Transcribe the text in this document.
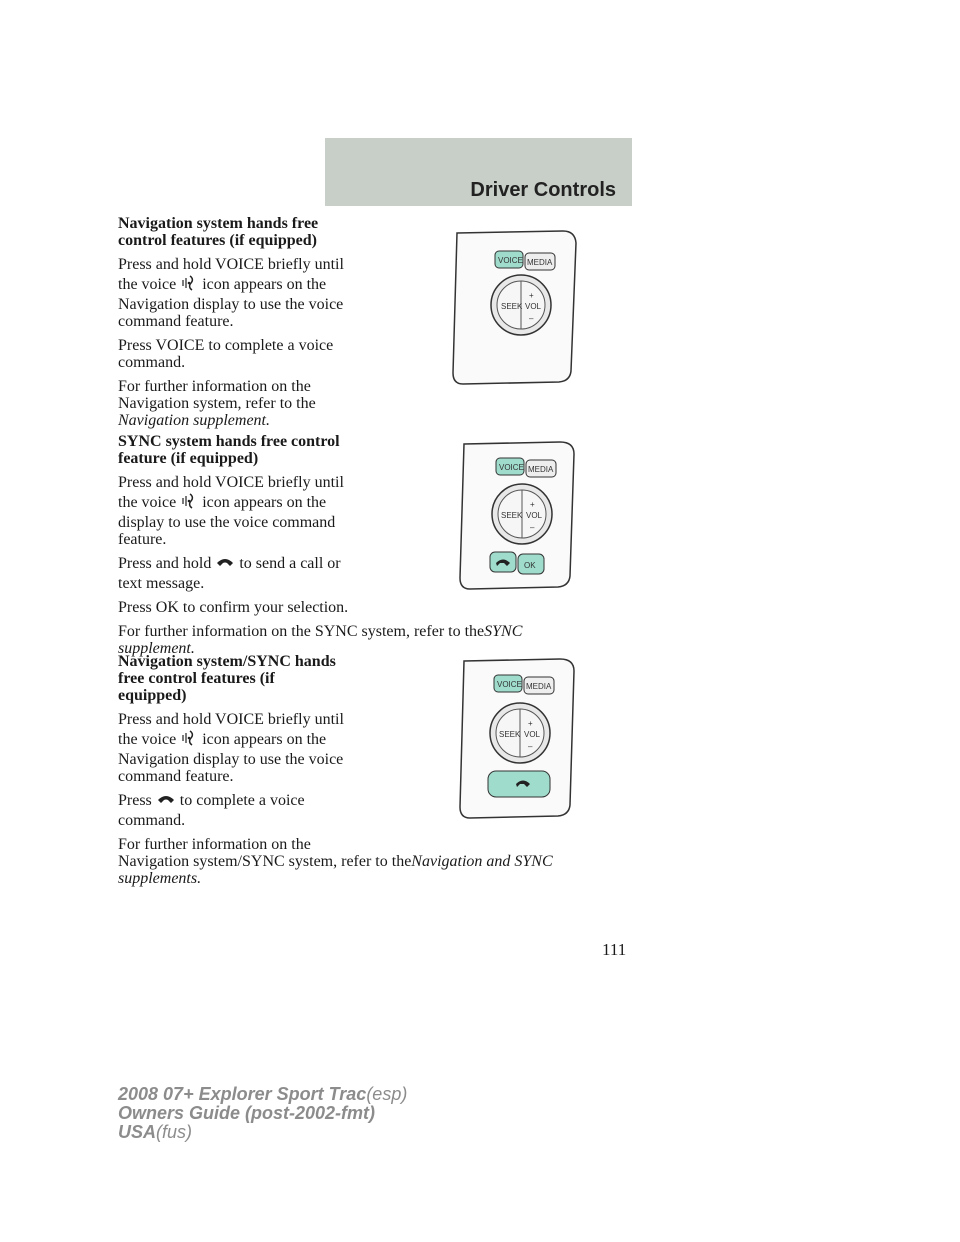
Driver Controls
Navigation system hands free
control features (if equipped)
Press and hold VOICE briefly until
the voice icon appears on the
Navigation display to use the voice
command feature.
Press VOICE to complete a voice
command.
For further information on the
Navigation system, refer to the
Navigation supplement.
VOICE MEDIA
SEEK VOL
+
–
SYNC system hands free control
feature (if equipped)
Press and hold VOICE briefly until
the voice icon appears on the
display to use the voice command
feature.
Press and hold to send a call or
text message.
Press OK to confirm your selection.
For further information on the SYNC system, refer to theSYNC
supplement.
VOICE MEDIA
SEEK VOL
+
–
OK
Navigation system/SYNC hands
free control features (if
equipped)
Press and hold VOICE briefly until
the voice icon appears on the
Navigation display to use the voice
command feature.
Press to complete a voice
command.
For further information on the
Navigation system/SYNC system, refer to theNavigation and SYNC
supplements.
VOICE MEDIA
SEEK VOL
+
–
111
2008 07+ Explorer Sport Trac(esp)
Owners Guide (post-2002-fmt)
USA(fus)
